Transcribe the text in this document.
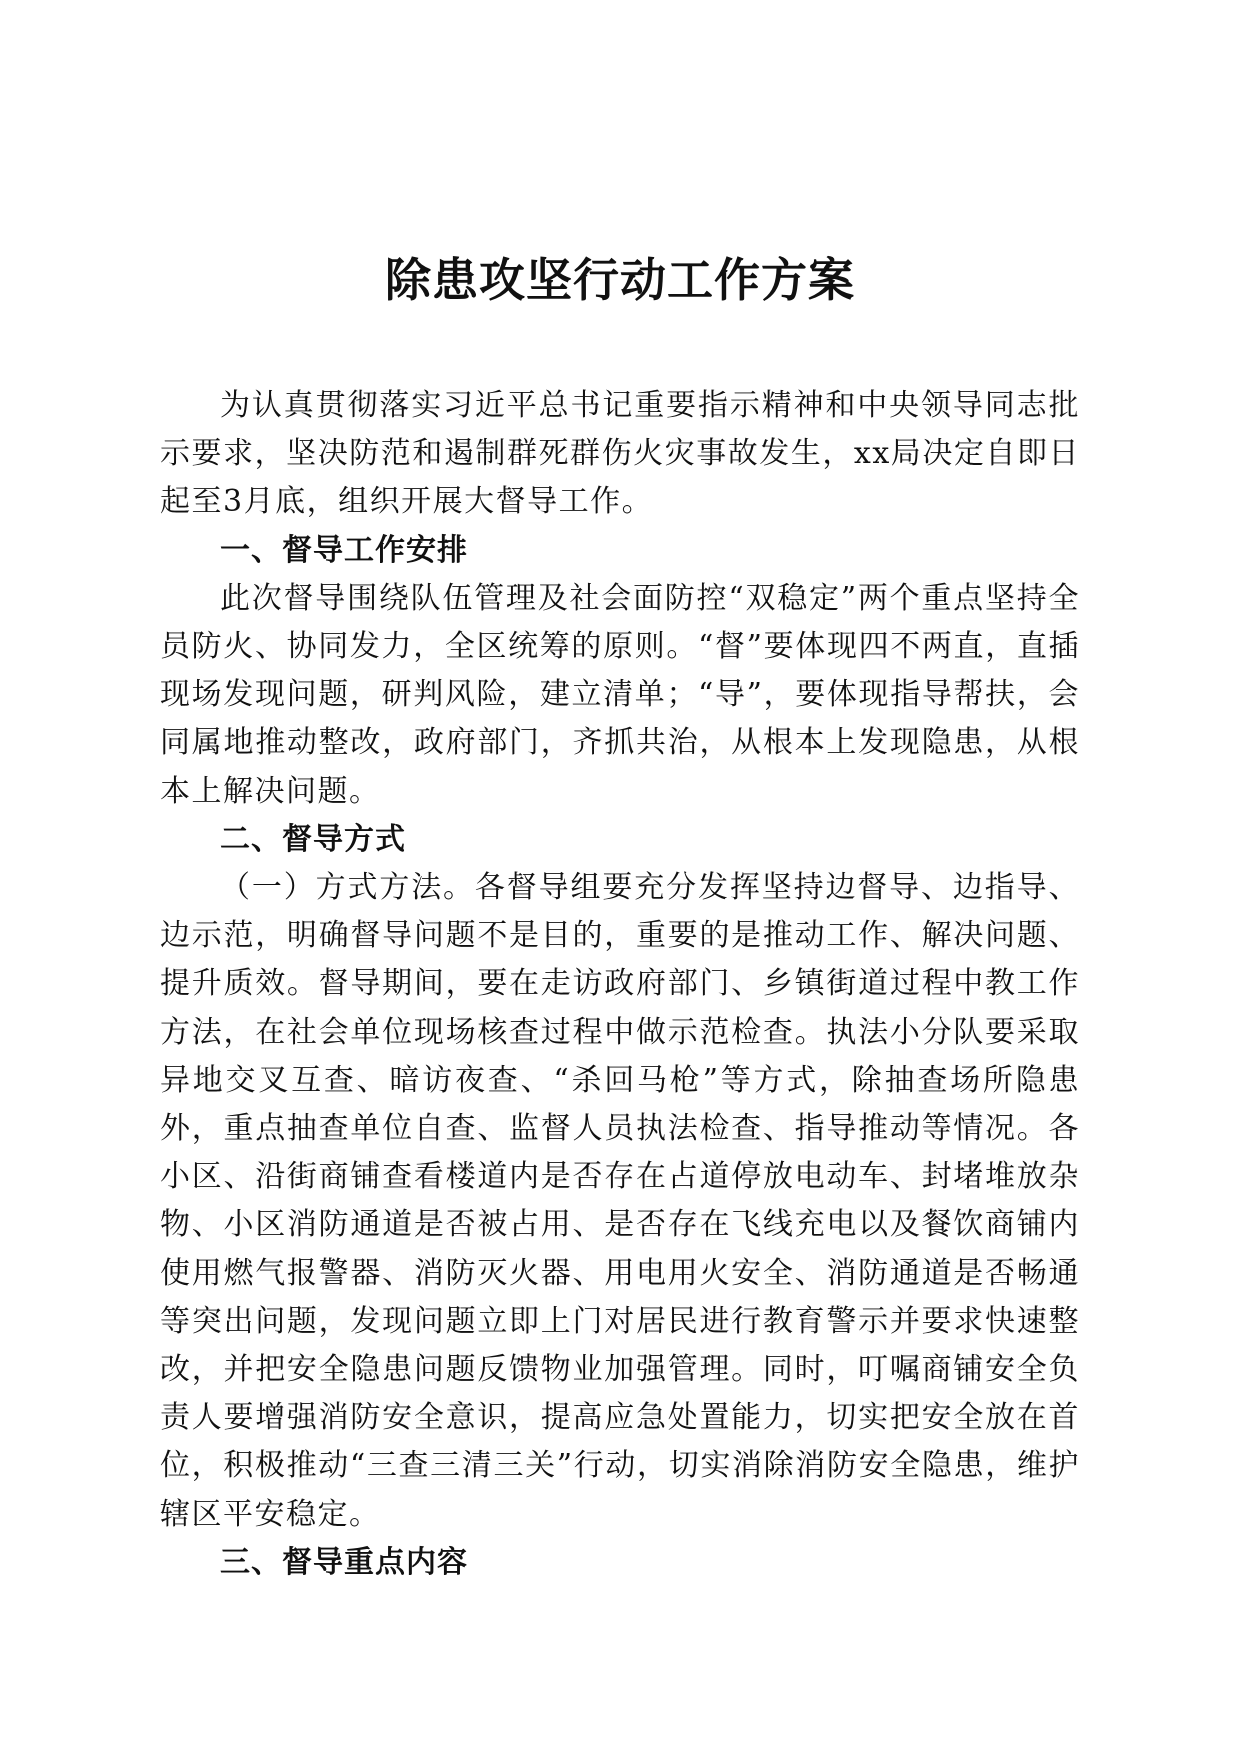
除患攻坚行动工作方案

为认真贯彻落实习近平总书记重要指示精神和中央领导同志批示要求，坚决防范和遏制群死群伤火灾事故发生，xx局决定自即日起至3月底，组织开展大督导工作。

一、督导工作安排

此次督导围绕队伍管理及社会面防控“双稳定”两个重点坚持全员防火、协同发力，全区统筹的原则。“督”要体现四不两直，直插现场发现问题，研判风险，建立清单；“导”，要体现指导帮扶，会同属地推动整改，政府部门，齐抓共治，从根本上发现隐患，从根本上解决问题。

二、督导方式

（一）方式方法。各督导组要充分发挥坚持边督导、边指导、边示范，明确督导问题不是目的，重要的是推动工作、解决问题、提升质效。督导期间，要在走访政府部门、乡镇街道过程中教工作方法，在社会单位现场核查过程中做示范检查。执法小分队要采取异地交叉互查、暗访夜查、“杀回马枪”等方式，除抽查场所隐患外，重点抽查单位自查、监督人员执法检查、指导推动等情况。各小区、沿街商铺查看楼道内是否存在占道停放电动车、封堵堆放杂物、小区消防通道是否被占用、是否存在飞线充电以及餐饮商铺内使用燃气报警器、消防灭火器、用电用火安全、消防通道是否畅通等突出问题，发现问题立即上门对居民进行教育警示并要求快速整改，并把安全隐患问题反馈物业加强管理。同时，叮嘱商铺安全负责人要增强消防安全意识，提高应急处置能力，切实把安全放在首位，积极推动“三查三清三关”行动，切实消除消防安全隐患，维护辖区平安稳定。

三、督导重点内容
